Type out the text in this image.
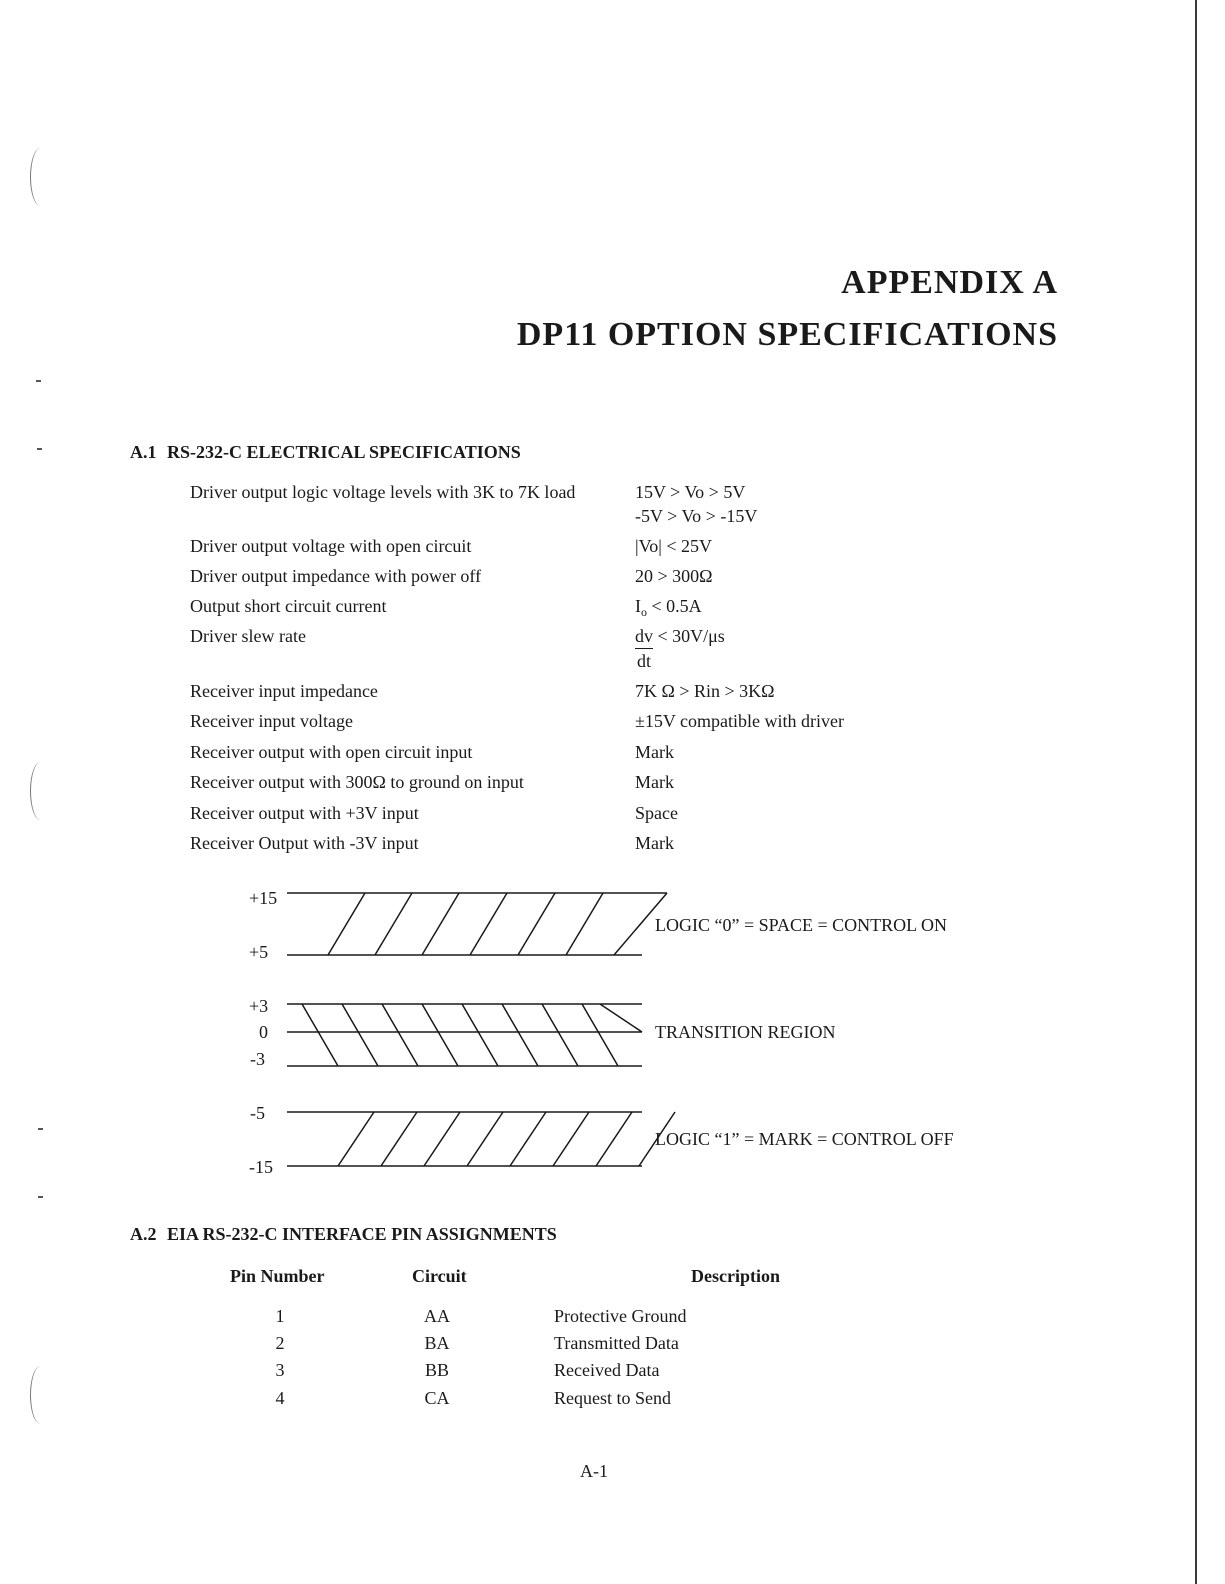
APPENDIX A
DP11 OPTION SPECIFICATIONS
A.1 RS-232-C ELECTRICAL SPECIFICATIONS
Driver output logic voltage levels with 3K to 7K load	15V > Vo > 5V
-5V > Vo > -15V
Driver output voltage with open circuit	|Vo| < 25V
Driver output impedance with power off	20 > 300Ω
Output short circuit current	$I_o < 0.5A$
Driver slew rate	$\frac{dv}{dt} < 30V/\mu s$
Receiver input impedance	7K Ω > Rin > 3KΩ
Receiver input voltage	±15V compatible with driver
Receiver output with open circuit input	Mark
Receiver output with 300Ω to ground on input	Mark
Receiver output with +3V input	Space
Receiver Output with -3V input	Mark
+15
+5
+3
0
-3
-5
-15
LOGIC “0” = SPACE = CONTROL ON
TRANSITION REGION
LOGIC “1” = MARK = CONTROL OFF
A.2 EIA RS-232-C INTERFACE PIN ASSIGNMENTS
Pin Number	Circuit	Description
1	AA	Protective Ground
2	BA	Transmitted Data
3	BB	Received Data
4	CA	Request to Send
A-1
